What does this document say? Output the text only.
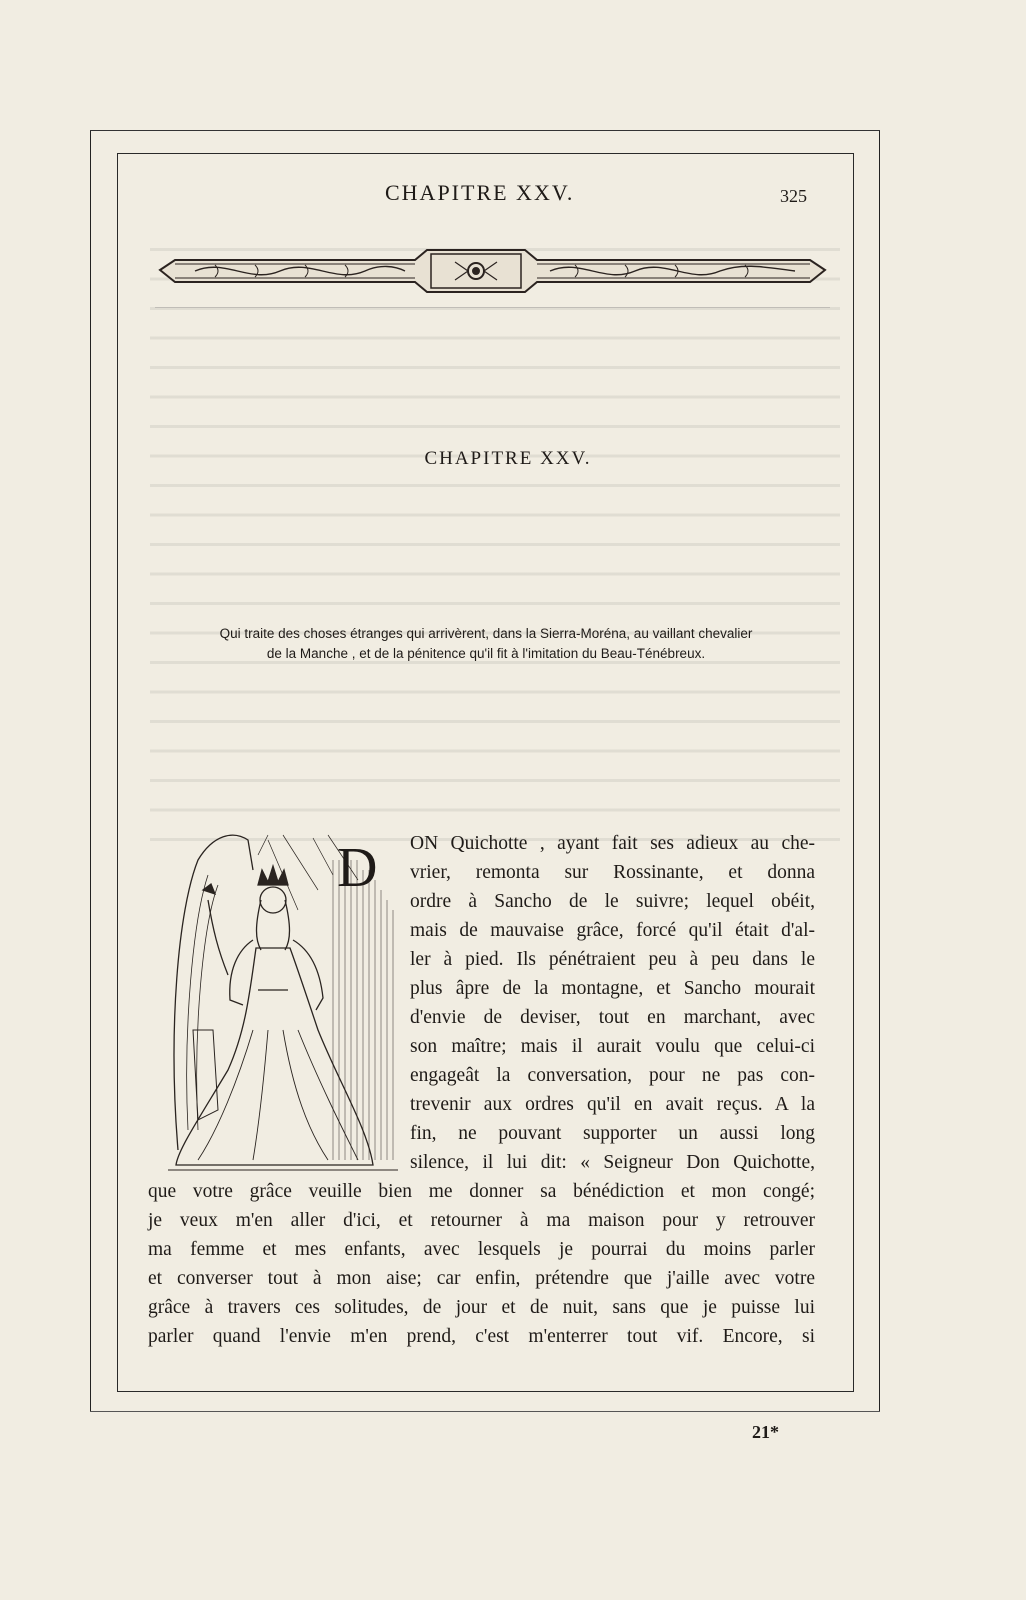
CHAPITRE XXV.	325
CHAPITRE XXV.
Qui traite des choses étranges qui arrivèrent, dans la Sierra-Moréna, au vaillant chevalier
de la Manche , et de la pénitence qu'il fit à l'imitation du Beau-Ténébreux.
D ON Quichotte , ayant fait ses adieux au che-
vrier, remonta sur Rossinante, et donna
ordre à Sancho de le suivre; lequel obéit,
mais de mauvaise grâce, forcé qu'il était d'al-
ler à pied. Ils pénétraient peu à peu dans le
plus âpre de la montagne, et Sancho mourait
d'envie de deviser, tout en marchant, avec
son maître; mais il aurait voulu que celui-ci
engageât la conversation, pour ne pas con-
trevenir aux ordres qu'il en avait reçus. A la
fin, ne pouvant supporter un aussi long
silence, il lui dit: « Seigneur Don Quichotte,
que votre grâce veuille bien me donner sa bénédiction et mon congé;
je veux m'en aller d'ici, et retourner à ma maison pour y retrouver
ma femme et mes enfants, avec lesquels je pourrai du moins parler
et converser tout à mon aise; car enfin, prétendre que j'aille avec votre
grâce à travers ces solitudes, de jour et de nuit, sans que je puisse lui
parler quand l'envie m'en prend, c'est m'enterrer tout vif. Encore, si
21*
